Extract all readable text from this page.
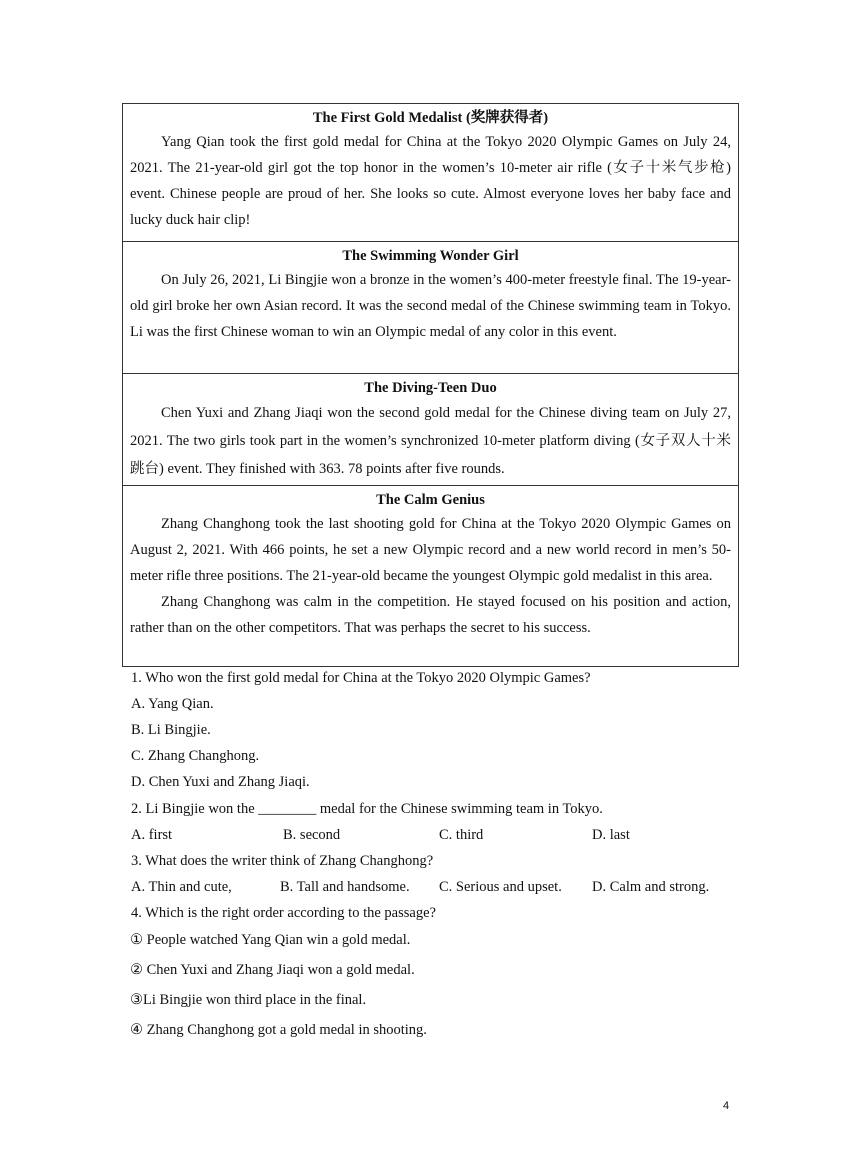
The First Gold Medalist (奖牌获得者)

Yang Qian took the first gold medal for China at the Tokyo 2020 Olympic Games on July 24, 2021. The 21-year-old girl got the top honor in the women’s 10-meter air rifle (女子十米气步枪) event. Chinese people are proud of her. She looks so cute. Almost everyone loves her baby face and lucky duck hair clip!

The Swimming Wonder Girl

On July 26, 2021, Li Bingjie won a bronze in the women’s 400-meter freestyle final. The 19-year-old girl broke her own Asian record. It was the second medal of the Chinese swimming team in Tokyo. Li was the first Chinese woman to win an Olympic medal of any color in this event.

The Diving-Teen Duo

Chen Yuxi and Zhang Jiaqi won the second gold medal for the Chinese diving team on July 27, 2021. The two girls took part in the women’s synchronized 10-meter platform diving (女子双人十米跳台) event. They finished with 363. 78 points after five rounds.

The Calm Genius

Zhang Changhong took the last shooting gold for China at the Tokyo 2020 Olympic Games on August 2, 2021. With 466 points, he set a new Olympic record and a new world record in men’s 50-meter rifle three positions. The 21-year-old became the youngest Olympic gold medalist in this area.

Zhang Changhong was calm in the competition. He stayed focused on his position and action, rather than on the other competitors. That was perhaps the secret to his success.

1. Who won the first gold medal for China at the Tokyo 2020 Olympic Games?
A. Yang Qian.
B. Li Bingjie.
C. Zhang Changhong.
D. Chen Yuxi and Zhang Jiaqi.
2. Li Bingjie won the ________ medal for the Chinese swimming team in Tokyo.
A. first	B. second	C. third	D. last
3. What does the writer think of Zhang Changhong?
A. Thin and cute,	B. Tall and handsome. C. Serious and upset. D. Calm and strong.
4. Which is the right order according to the passage?
① People watched Yang Qian win a gold medal.
② Chen Yuxi and Zhang Jiaqi won a gold medal.
③Li Bingjie won third place in the final.
④ Zhang Changhong got a gold medal in shooting.
4
